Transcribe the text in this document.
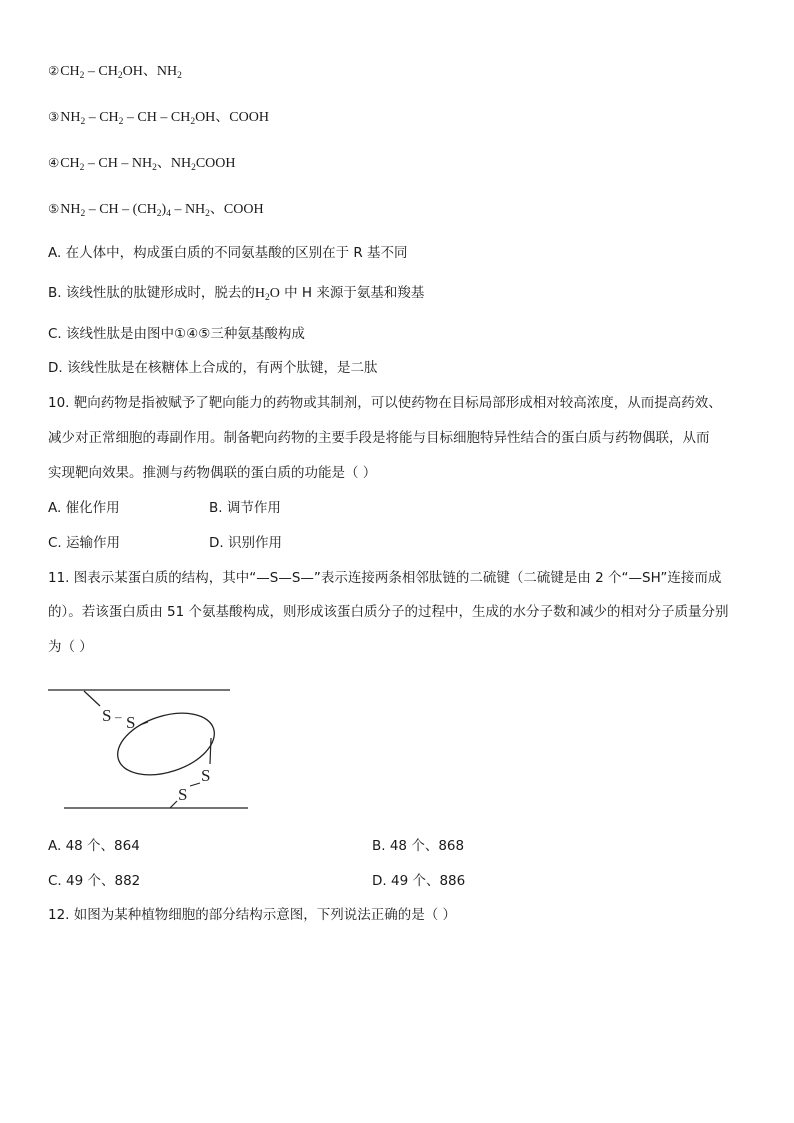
$②CH_2 - CH_2OH$、$NH_2$
$③NH_2 - CH_2$ – CH – $CH_2OH$、COOH
$④CH_2$ – CH – $NH_2$、$NH_2COOH$
$⑤NH_2$ – CH – $(CH_2)_4 - NH_2$、COOH
A. 在人体中，构成蛋白质的不同氨基酸的区别在于 R 基不同
B. 该线性肽的肽键形成时，脱去的$H_2O$ 中 H 来源于氨基和羧基
C. 该线性肽是由图中①④⑤三种氨基酸构成
D. 该线性肽是在核糖体上合成的，有两个肽键，是二肽
10. 靶向药物是指被赋予了靶向能力的药物或其制剂，可以使药物在目标局部形成相对较高浓度，从而提高药效、
减少对正常细胞的毒副作用。制备靶向药物的主要手段是将能与目标细胞特异性结合的蛋白质与药物偶联，从而
实现靶向效果。推测与药物偶联的蛋白质的功能是（ ）
A. 催化作用	B. 调节作用
C. 运输作用	D. 识别作用
11. 图表示某蛋白质的结构，其中“—S—S—”表示连接两条相邻肽链的二硫键（二硫键是由 2 个“—SH”连接而成
的）。若该蛋白质由 51 个氨基酸构成，则形成该蛋白质分子的过程中，生成的水分子数和减少的相对分子质量分别
为（ ）
S – S
S
S
A. 48 个、864	B. 48 个、868
C. 49 个、882	D. 49 个、886
12. 如图为某种植物细胞的部分结构示意图，下列说法正确的是（ ）
